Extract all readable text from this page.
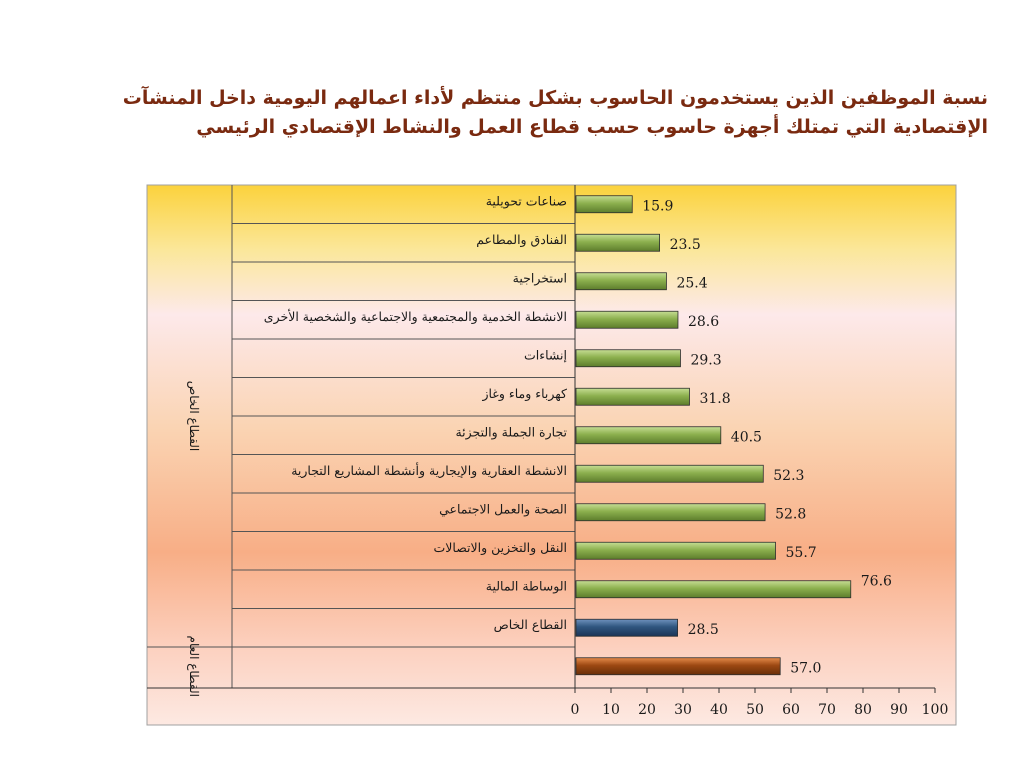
نسبة الموظفين الذين يستخدمون الحاسوب بشكل منتظم لأداء اعمالهم اليومية داخل المنشآت
الإقتصادية التي تمتلك أجهزة حاسوب حسب قطاع العمل والنشاط الإقتصادي الرئيسي
0 10 20 30 40 50 60 70 80 90 100
15.9
صناعات تحويلية
23.5
الفنادق والمطاعم
25.4
استخراجية
28.6
الانشطة الخدمية والمجتمعية والاجتماعية والشخصية الأخرى
29.3
إنشاءات
31.8
كهرباء وماء وغاز
40.5
تجارة الجملة والتجزئة
52.3
الانشطة العقارية والإيجارية وأنشطة المشاريع التجارية
52.8
الصحة والعمل الاجتماعي
55.7
النقل والتخزين والاتصالات
76.6
الوساطة المالية
28.5
القطاع الخاص
57.0
القطاع الخاص
القطاع العام
